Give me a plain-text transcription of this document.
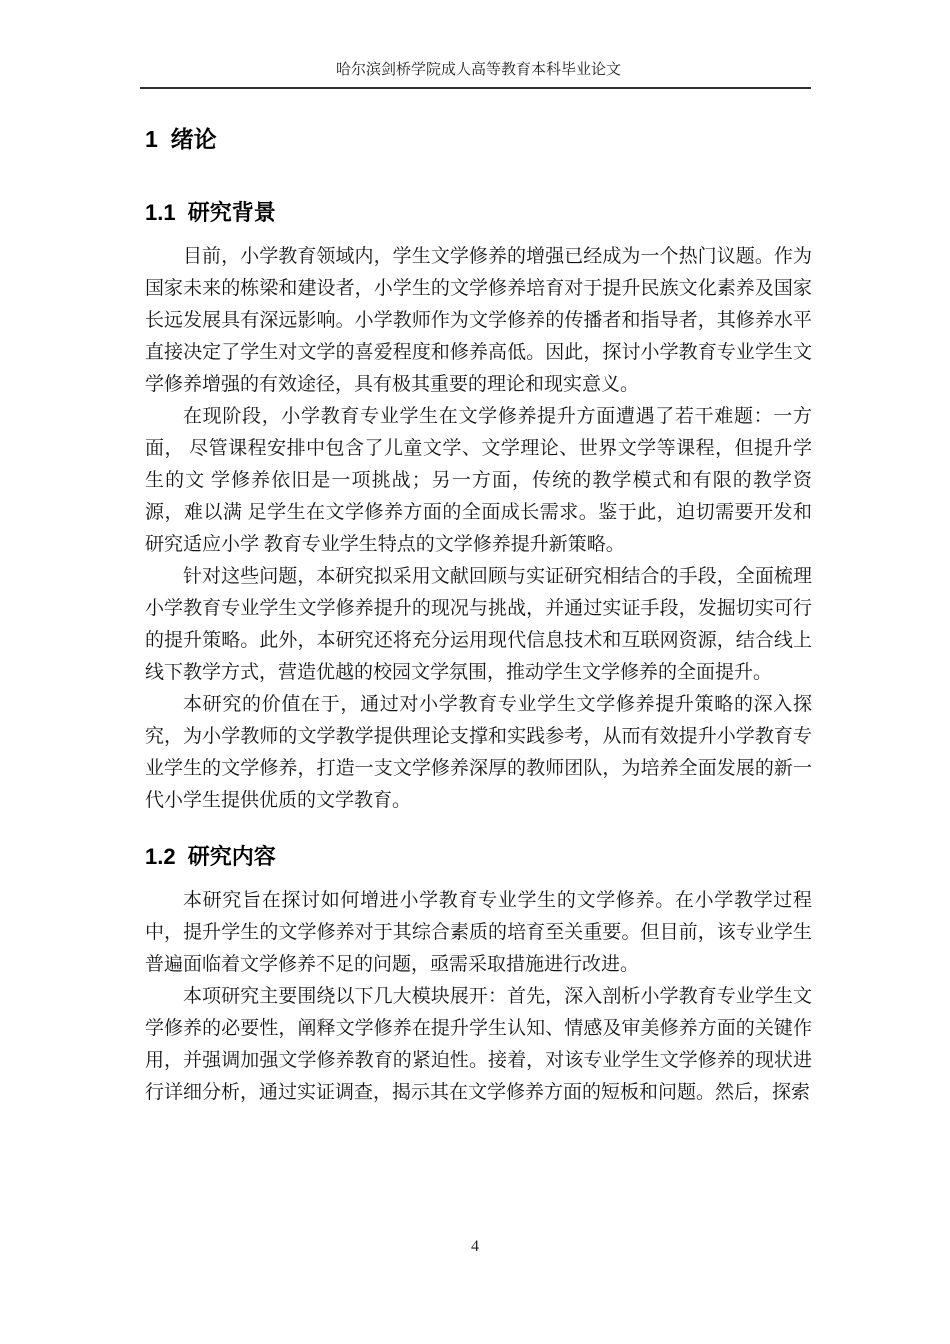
哈尔滨剑桥学院成人高等教育本科毕业论文
1  绪论
1.1  研究背景

目前，小学教育领域内，学生文学修养的增强已经成为一个热门议题。作为国家未来的栋梁和建设者，小学生的文学修养培育对于提升民族文化素养及国家长远发展具有深远影响。小学教师作为文学修养的传播者和指导者，其修养水平直接决定了学生对文学的喜爱程度和修养高低。因此，探讨小学教育专业学生文学修养增强的有效途径，具有极其重要的理论和现实意义。

在现阶段，小学教育专业学生在文学修养提升方面遭遇了若干难题：一方面， 尽管课程安排中包含了儿童文学、文学理论、世界文学等课程，但提升学生的文 学修养依旧是一项挑战；另一方面，传统的教学模式和有限的教学资源，难以满 足学生在文学修养方面的全面成长需求。鉴于此，迫切需要开发和研究适应小学 教育专业学生特点的文学修养提升新策略。

针对这些问题，本研究拟采用文献回顾与实证研究相结合的手段，全面梳理 小学教育专业学生文学修养提升的现况与挑战，并通过实证手段，发掘切实可行 的提升策略。此外，本研究还将充分运用现代信息技术和互联网资源，结合线上 线下教学方式，营造优越的校园文学氛围，推动学生文学修养的全面提升。

本研究的价值在于，通过对小学教育专业学生文学修养提升策略的深入探究，为小学教师的文学教学提供理论支撑和实践参考，从而有效提升小学教育专业学生的文学修养，打造一支文学修养深厚的教师团队，为培养全面发展的新一代小学生提供优质的文学教育。

1.2  研究内容

本研究旨在探讨如何增进小学教育专业学生的文学修养。在小学教学过程中，提升学生的文学修养对于其综合素质的培育至关重要。但目前，该专业学生普遍面临着文学修养不足的问题，亟需采取措施进行改进。

本项研究主要围绕以下几大模块展开：首先，深入剖析小学教育专业学生文 学修养的必要性，阐释文学修养在提升学生认知、情感及审美修养方面的关键作 用，并强调加强文学修养教育的紧迫性。接着，对该专业学生文学修养的现状进 行详细分析，通过实证调查，揭示其在文学修养方面的短板和问题。然后，探索

4
